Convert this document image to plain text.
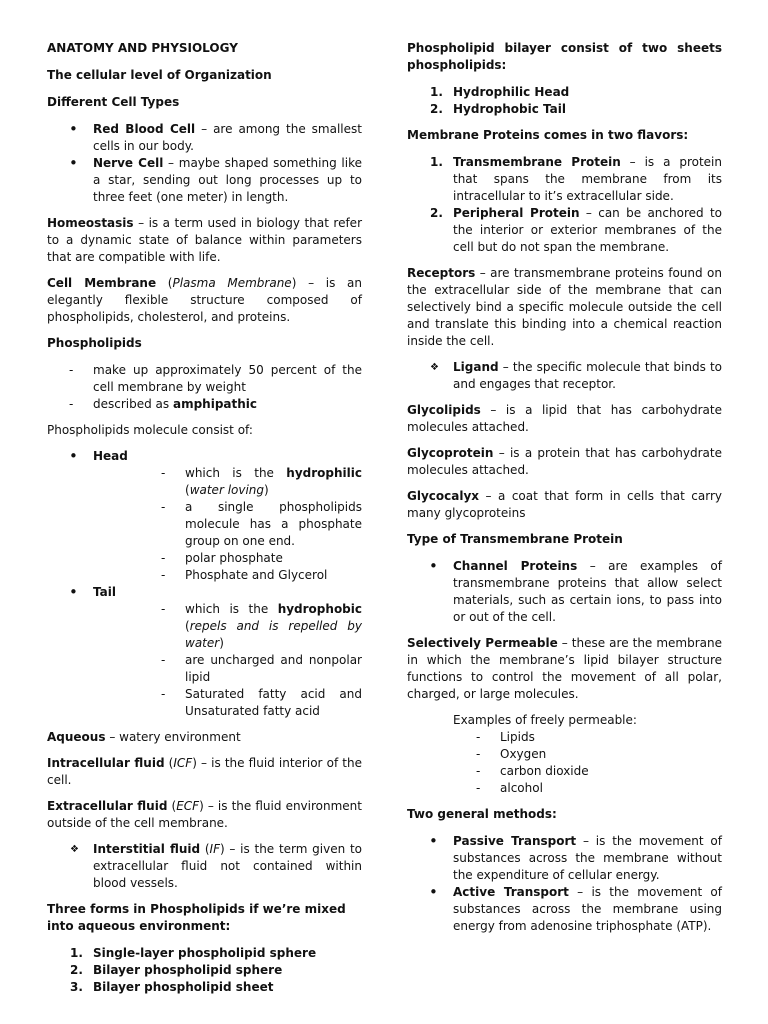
ANATOMY AND PHYSIOLOGY
The cellular level of Organization
Different Cell Types
• Red Blood Cell – are among the smallest cells in our body.
• Nerve Cell – maybe shaped something like a star, sending out long processes up to three feet (one meter) in length.

Homeostasis – is a term used in biology that refer to a dynamic state of balance within parameters that are compatible with life.

Cell Membrane (Plasma Membrane) – is an elegantly flexible structure composed of phospholipids, cholesterol, and proteins.

Phospholipids
- make up approximately 50 percent of the cell membrane by weight
- described as amphipathic

Phospholipids molecule consist of:

• Head
- which is the hydrophilic (water loving)
- a single phospholipids molecule has a phosphate group on one end.
- polar phosphate
- Phosphate and Glycerol
• Tail
- which is the hydrophobic (repels and is repelled by water)
- are uncharged and nonpolar lipid
- Saturated fatty acid and Unsaturated fatty acid

Aqueous – watery environment

Intracellular fluid (ICF) – is the fluid interior of the cell.

Extracellular fluid (ECF) – is the fluid environment outside of the cell membrane.

❖ Interstitial fluid (IF) – is the term given to extracellular fluid not contained within blood vessels.
Three forms in Phospholipids if we’re mixed into aqueous environment:
Single-layer phospholipid sphere
Bilayer phospholipid sphere
Bilayer phospholipid sheet
Phospholipid bilayer consist of two sheets phospholipids:
Hydrophilic Head
Hydrophobic Tail
Membrane Proteins comes in two flavors:
Transmembrane Protein – is a protein that spans the membrane from its intracellular to it’s extracellular side.
Peripheral Protein – can be anchored to the interior or exterior membranes of the cell but do not span the membrane.

Receptors – are transmembrane proteins found on the extracellular side of the membrane that can selectively bind a specific molecule outside the cell and translate this binding into a chemical reaction inside the cell.

❖ Ligand – the specific molecule that binds to and engages that receptor.

Glycolipids – is a lipid that has carbohydrate molecules attached.

Glycoprotein – is a protein that has carbohydrate molecules attached.

Glycocalyx – a coat that form in cells that carry many glycoproteins

Type of Transmembrane Protein
• Channel Proteins – are examples of transmembrane proteins that allow select materials, such as certain ions, to pass into or out of the cell.

Selectively Permeable – these are the membrane in which the membrane’s lipid bilayer structure functions to control the movement of all polar, charged, or large molecules.

Examples of freely permeable:
- Lipids
- Oxygen
- carbon dioxide
- alcohol
Two general methods:
• Passive Transport – is the movement of substances across the membrane without the expenditure of cellular energy.
• Active Transport – is the movement of substances across the membrane using energy from adenosine triphosphate (ATP).
